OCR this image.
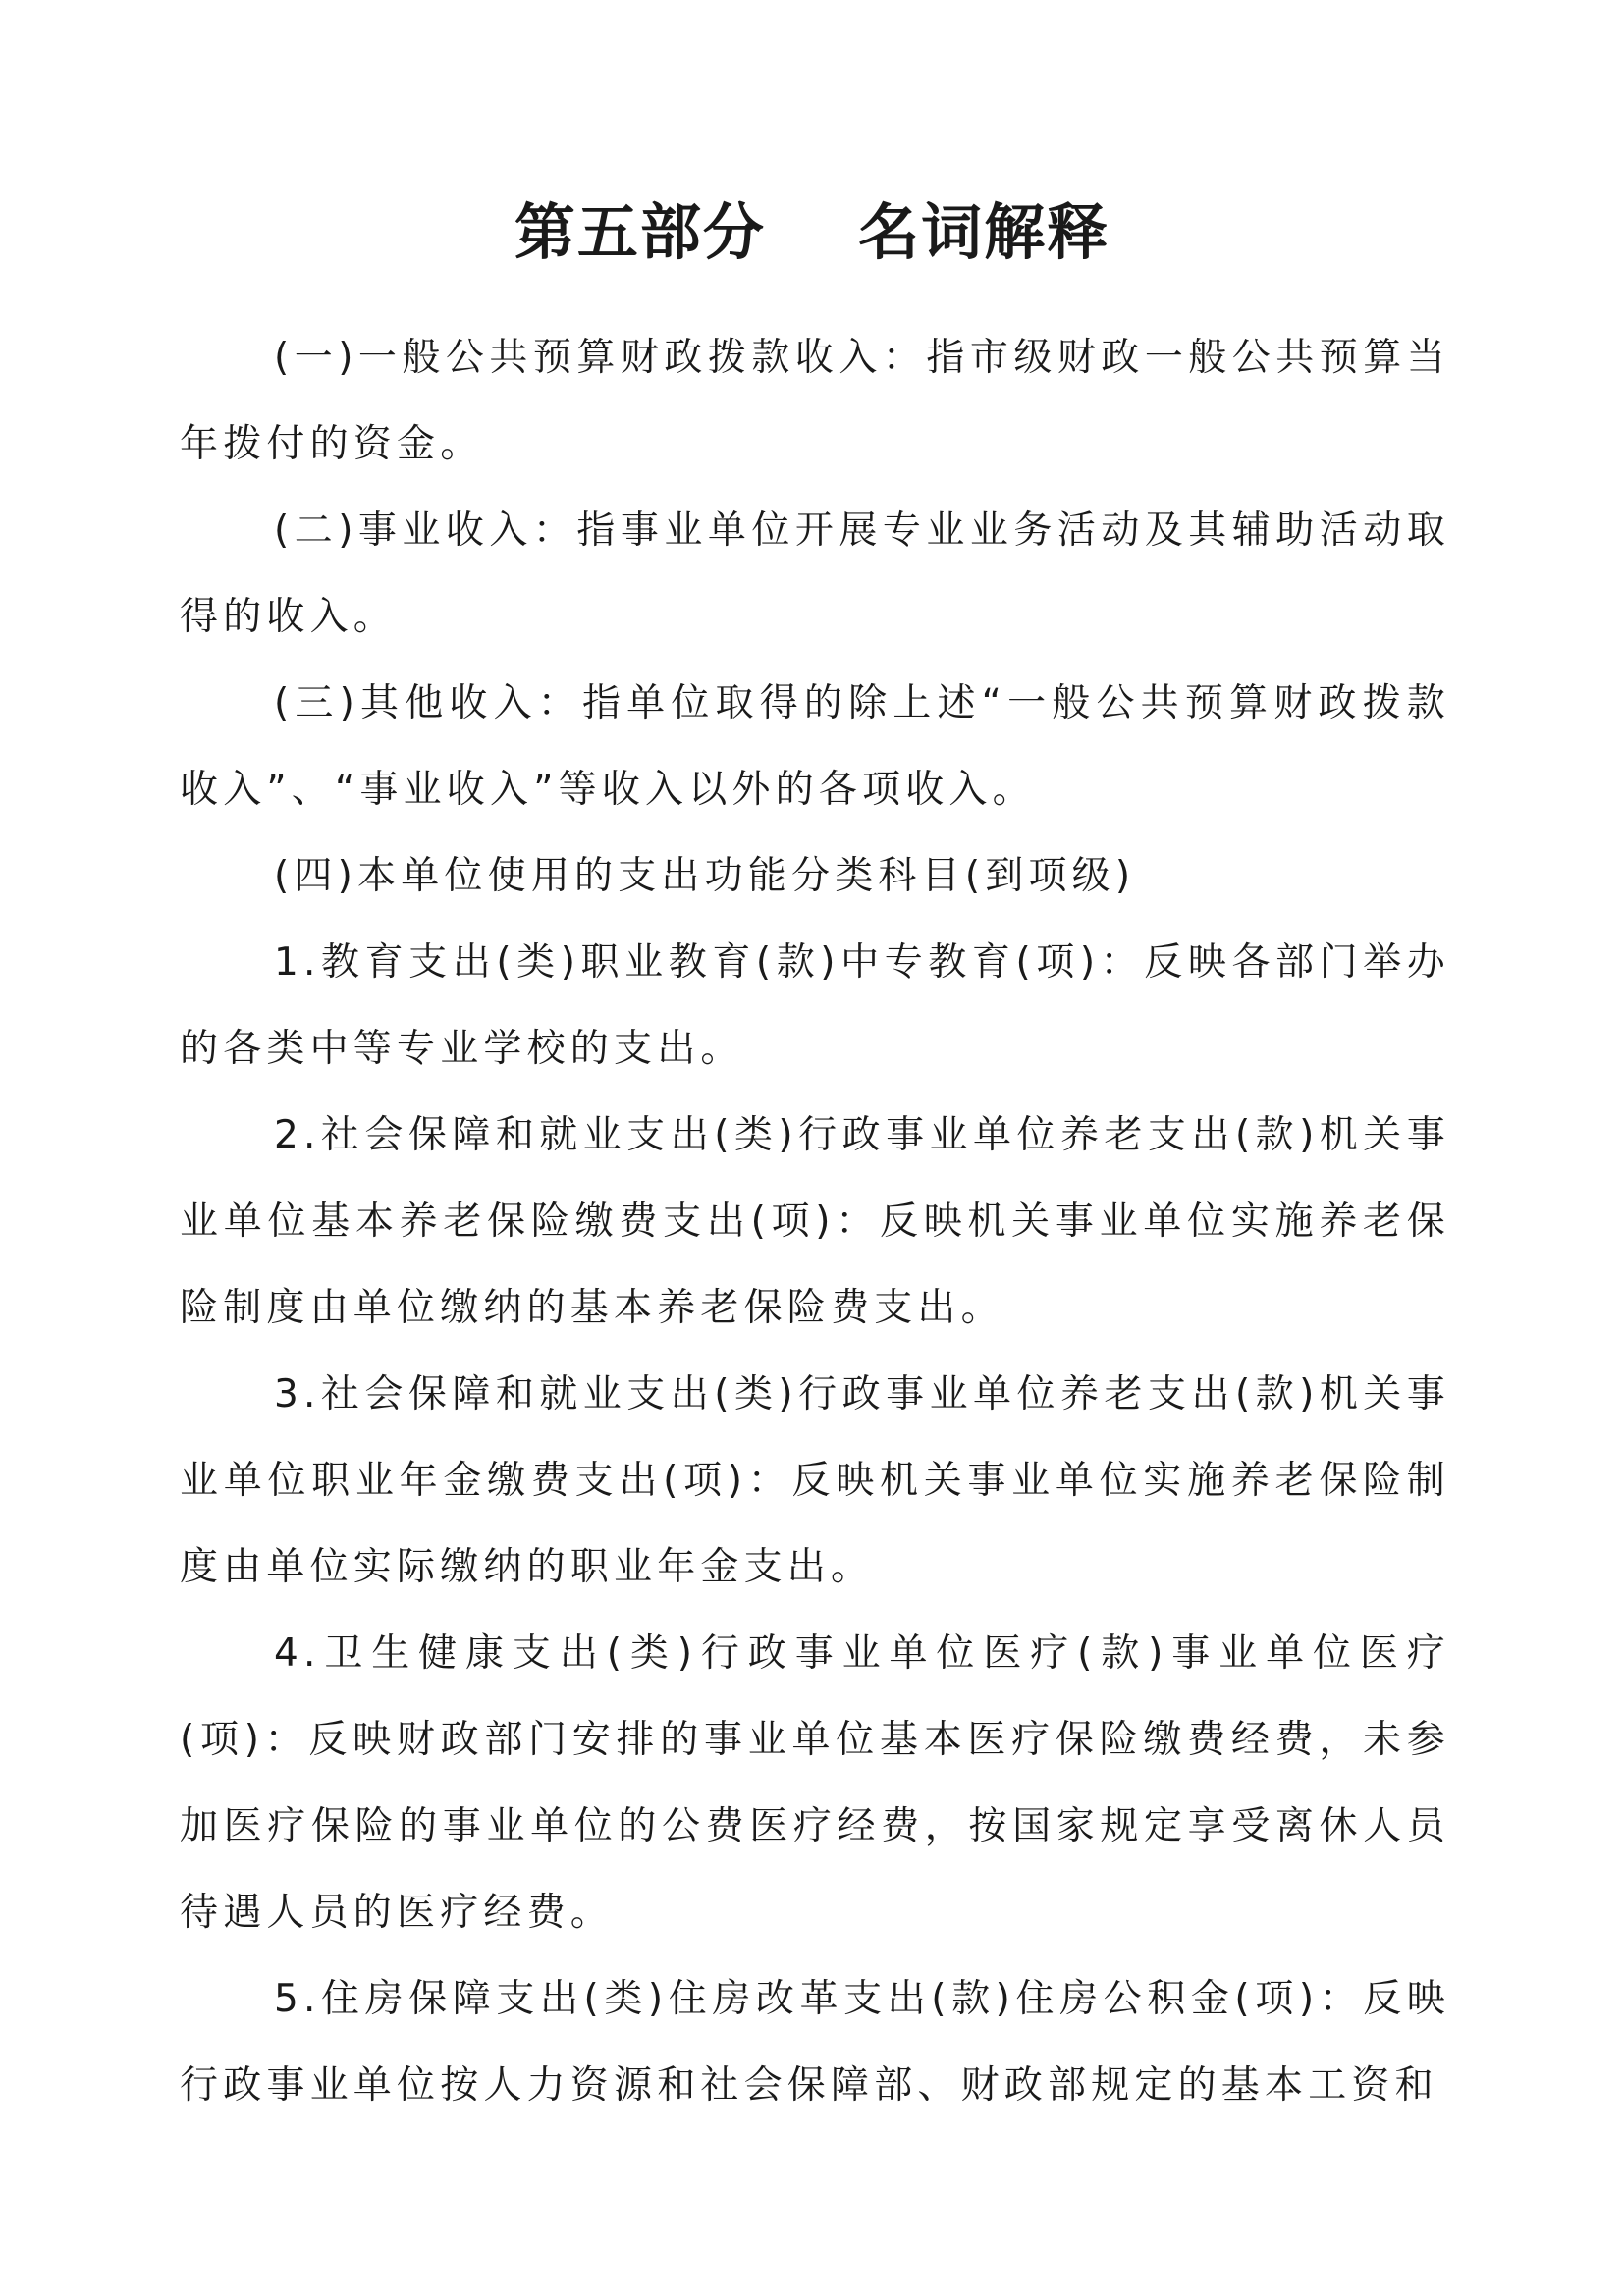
第五部分    名词解释

(一)一般公共预算财政拨款收入：指市级财政一般公共预算当年拨付的资金。

(二)事业收入：指事业单位开展专业业务活动及其辅助活动取得的收入。

(三)其他收入：指单位取得的除上述“一般公共预算财政拨款收入”、“事业收入”等收入以外的各项收入。

(四)本单位使用的支出功能分类科目(到项级)

1.教育支出(类)职业教育(款)中专教育(项)：反映各部门举办的各类中等专业学校的支出。

2.社会保障和就业支出(类)行政事业单位养老支出(款)机关事业单位基本养老保险缴费支出(项)：反映机关事业单位实施养老保险制度由单位缴纳的基本养老保险费支出。

3.社会保障和就业支出(类)行政事业单位养老支出(款)机关事业单位职业年金缴费支出(项)：反映机关事业单位实施养老保险制度由单位实际缴纳的职业年金支出。

4.卫生健康支出(类)行政事业单位医疗(款)事业单位医疗(项)：反映财政部门安排的事业单位基本医疗保险缴费经费，未参加医疗保险的事业单位的公费医疗经费，按国家规定享受离休人员待遇人员的医疗经费。

5.住房保障支出(类)住房改革支出(款)住房公积金(项)：反映行政事业单位按人力资源和社会保障部、财政部规定的基本工资和
